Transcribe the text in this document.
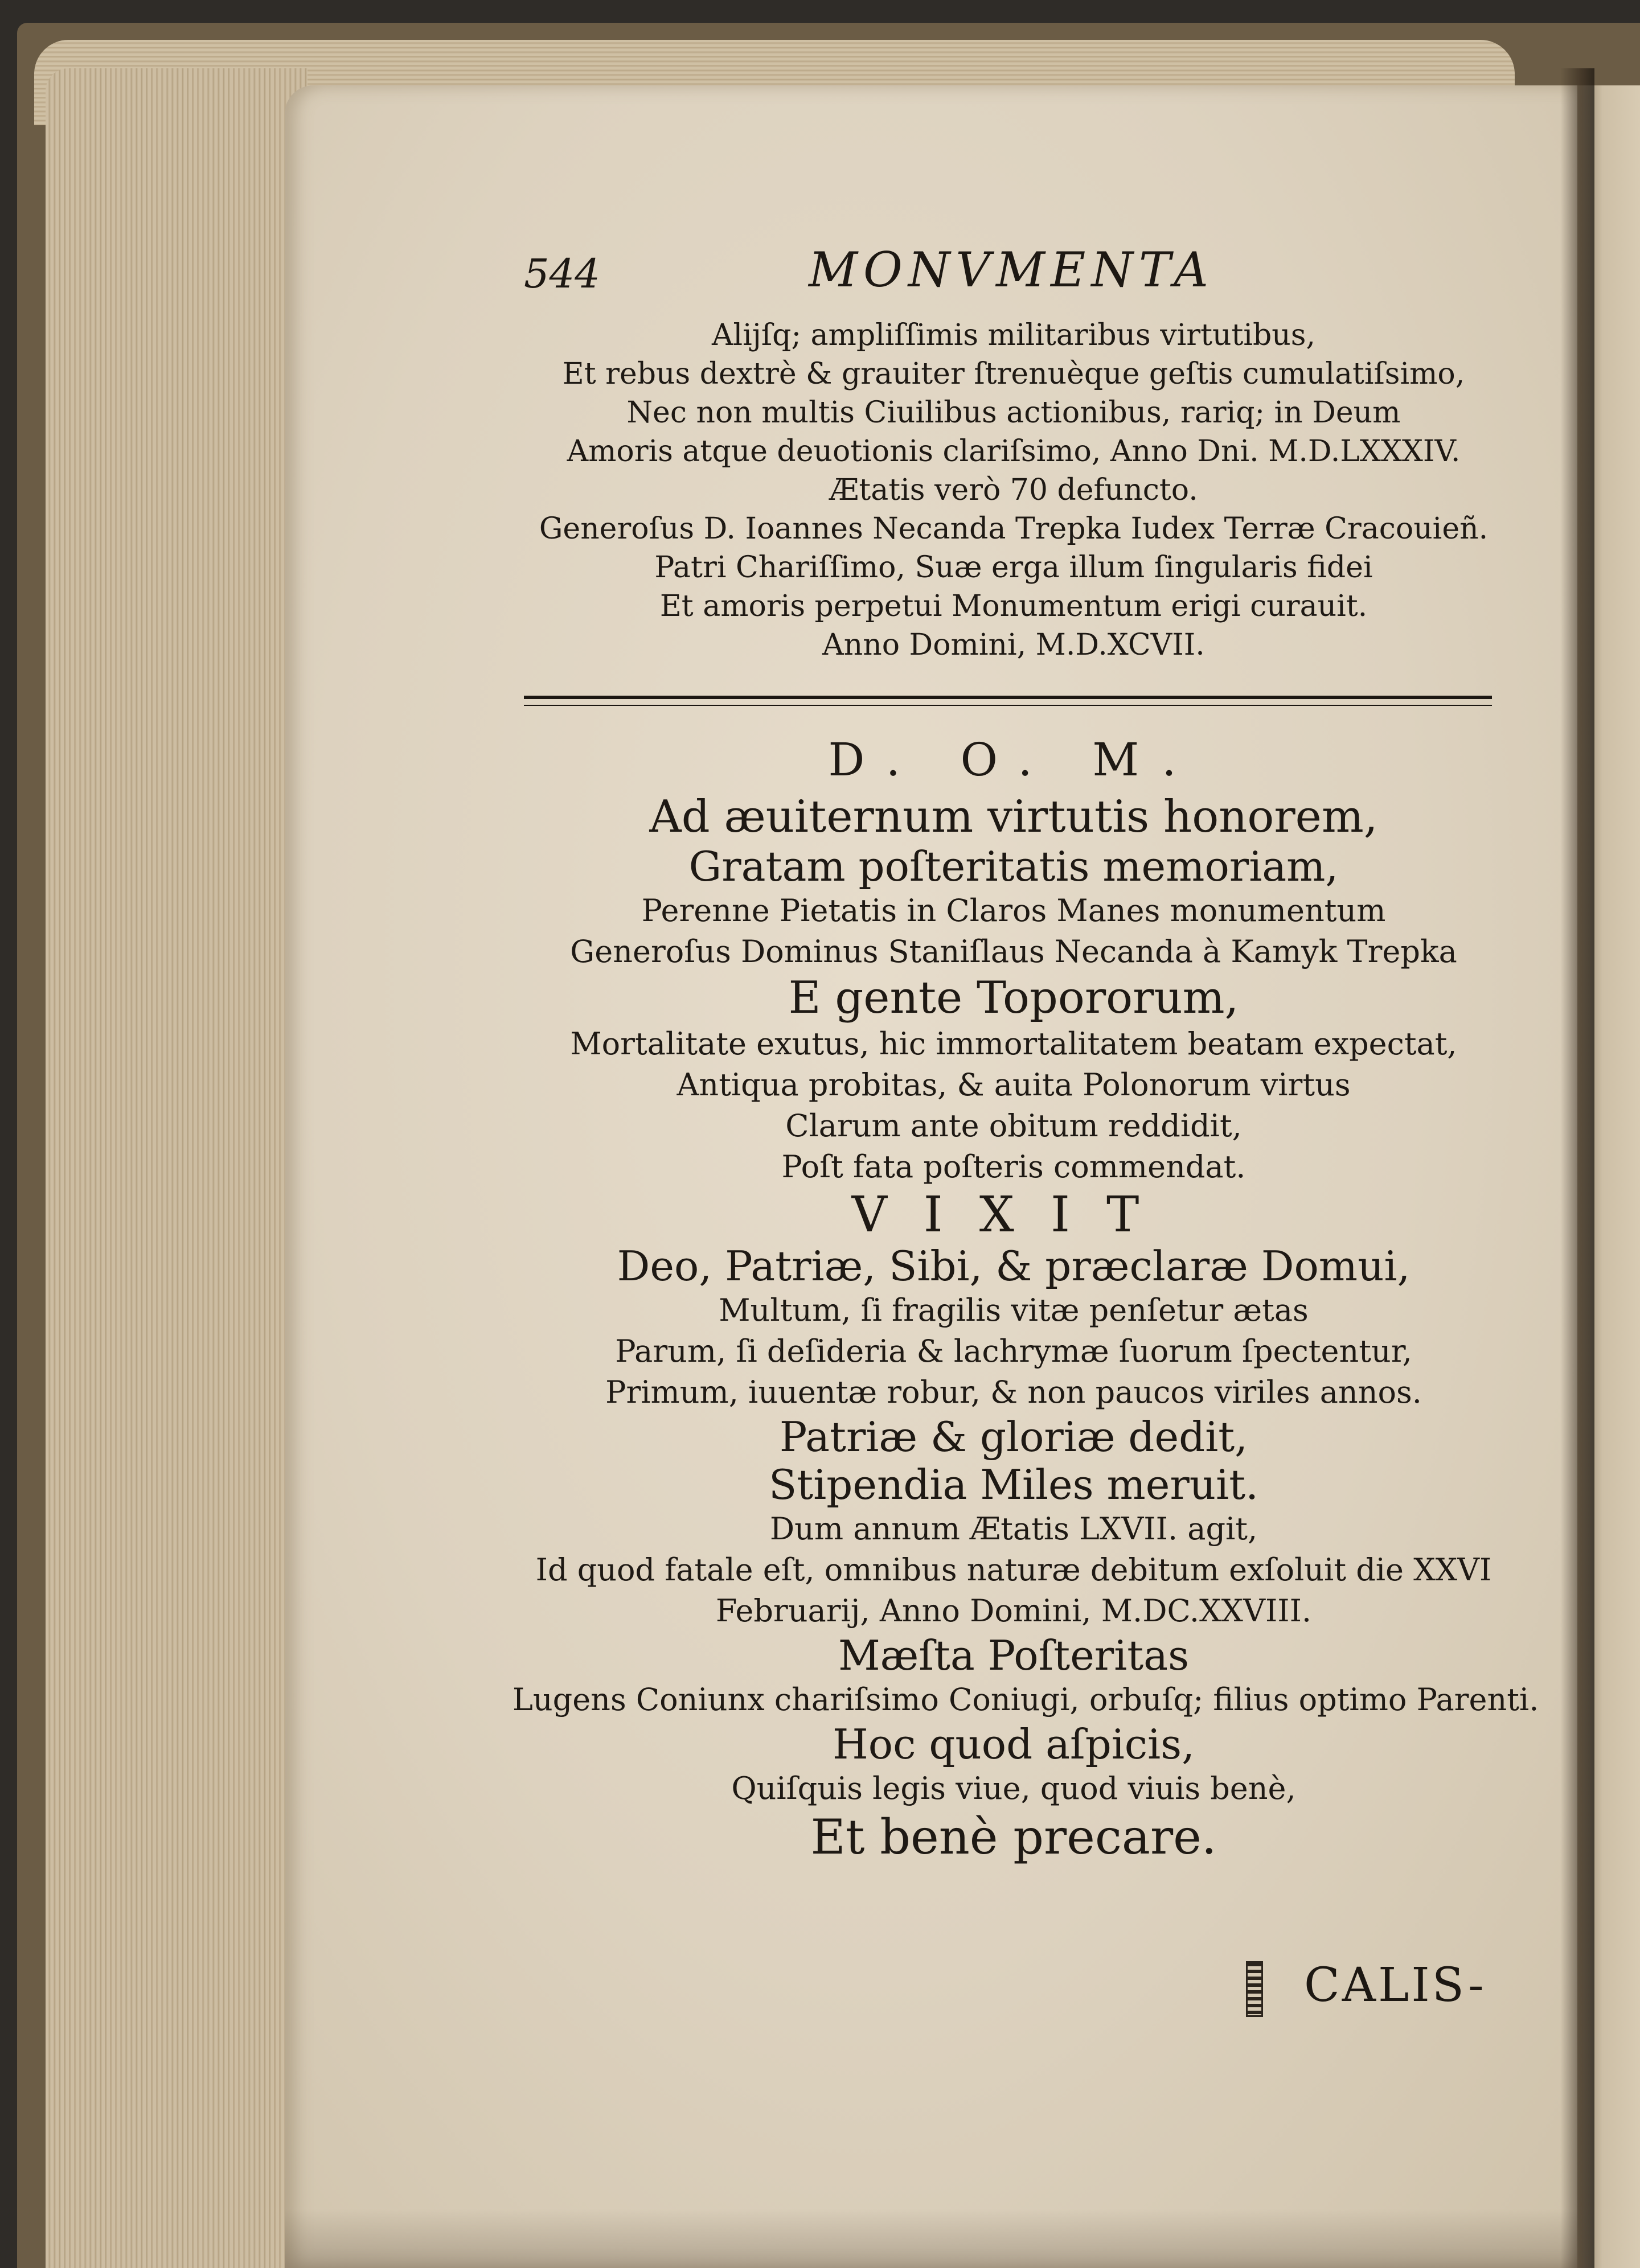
544	MONVMENTA
Alijſq; ampliſſimis militaribus virtutibus,
Et rebus dextrè & grauiter ſtrenuèque geſtis cumulatiſsimo,
Nec non multis Ciuilibus actionibus, rariq; in Deum
Amoris atque deuotionis clariſsimo, Anno Dni. M.D.LXXXIV.
Ætatis verò 70 defuncto.
Generoſus D. Ioannes Necanda Trepka Iudex Terræ Cracouieñ.
Patri Chariſſimo, Suæ erga illum ſingularis fidei
Et amoris perpetui Monumentum erigi curauit.
Anno Domini, M.D.XCVII.
D. O. M.
Ad æuiternum virtutis honorem,
Gratam poſteritatis memoriam,
Perenne Pietatis in Claros Manes monumentum
Generoſus Dominus Staniſlaus Necanda à Kamyk Trepka
E gente Topororum,
Mortalitate exutus, hic immortalitatem beatam expectat,
Antiqua probitas, & auita Polonorum virtus
Clarum ante obitum reddidit,
Poſt fata poſteris commendat.
VIXIT
Deo, Patriæ, Sibi, & præclaræ Domui,
Multum, ſi fragilis vitæ penſetur ætas
Parum, ſi deſideria & lachrymæ ſuorum ſpectentur,
Primum, iuuentæ robur, & non paucos viriles annos.
Patriæ & gloriæ dedit,
Stipendia Miles meruit.
Dum annum Ætatis LXVII. agit,
Id quod fatale eſt, omnibus naturæ debitum exſoluit die XXVI
Februarij, Anno Domini, M.DC.XXVIII.
Mæſta Poſteritas
Lugens Coniunx chariſsimo Coniugi, orbuſq; filius optimo Parenti.
Hoc quod aſpicis,
Quiſquis legis viue, quod viuis benè,
Et benè precare.
CALIS-
